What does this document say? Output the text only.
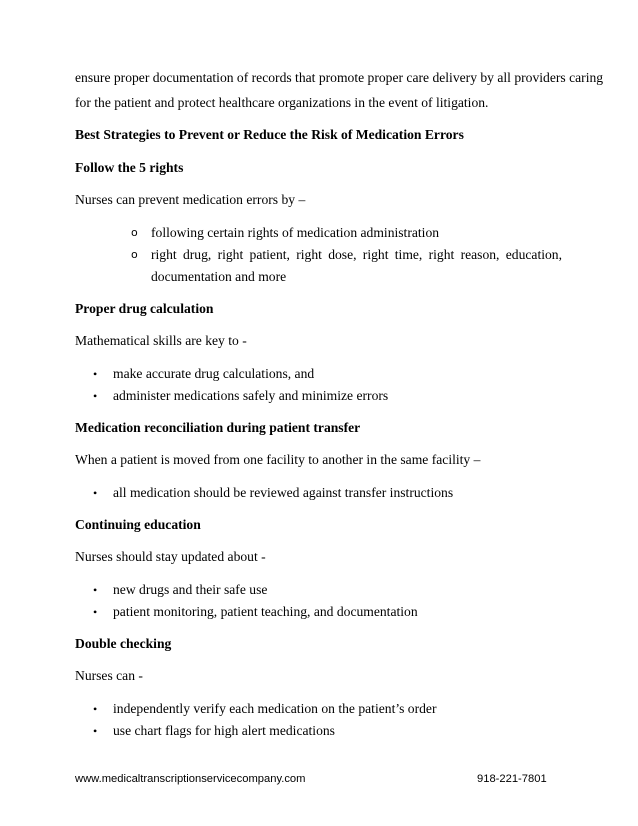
ensure proper documentation of records that promote proper care delivery by all providers caring
for the patient and protect healthcare organizations in the event of litigation.
Best Strategies to Prevent or Reduce the Risk of Medication Errors
Follow the 5 rights
Nurses can prevent medication errors by –
o following certain rights of medication administration
o right drug, right patient, right dose, right time, right reason, education,
documentation and more
Proper drug calculation
Mathematical skills are key to -
• make accurate drug calculations, and
• administer medications safely and minimize errors
Medication reconciliation during patient transfer
When a patient is moved from one facility to another in the same facility –
• all medication should be reviewed against transfer instructions
Continuing education
Nurses should stay updated about -
• new drugs and their safe use
• patient monitoring, patient teaching, and documentation
Double checking
Nurses can -
• independently verify each medication on the patient’s order
• use chart flags for high alert medications
www.medicaltranscriptionservicecompany.com	918-221-7801
